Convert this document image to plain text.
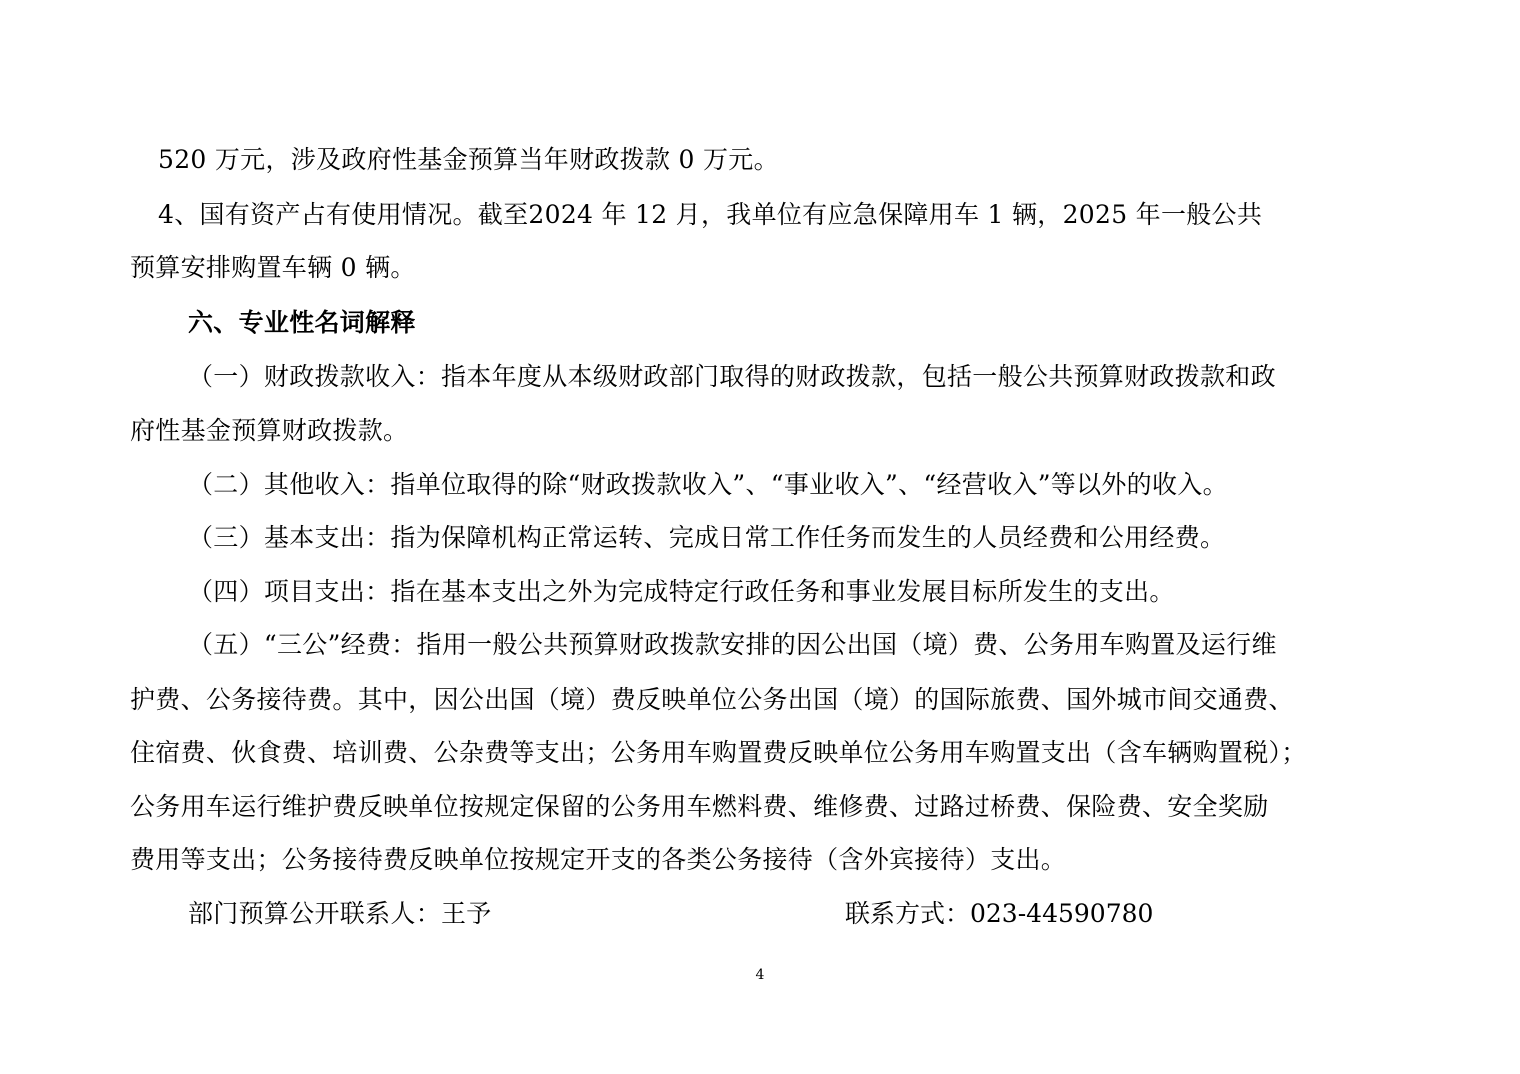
520 万元，涉及政府性基金预算当年财政拨款 0 万元。
4、国有资产占有使用情况。截至2024 年 12 月，我单位有应急保障用车 1 辆，2025 年一般公共
预算安排购置车辆 0 辆。
六、专业性名词解释
（一）财政拨款收入：指本年度从本级财政部门取得的财政拨款，包括一般公共预算财政拨款和政
府性基金预算财政拨款。
（二）其他收入：指单位取得的除“财政拨款收入”、“事业收入”、“经营收入”等以外的收入。
（三）基本支出：指为保障机构正常运转、完成日常工作任务而发生的人员经费和公用经费。
（四）项目支出：指在基本支出之外为完成特定行政任务和事业发展目标所发生的支出。
（五）“三公”经费：指用一般公共预算财政拨款安排的因公出国（境）费、公务用车购置及运行维
护费、公务接待费。其中，因公出国（境）费反映单位公务出国（境）的国际旅费、国外城市间交通费、
住宿费、伙食费、培训费、公杂费等支出；公务用车购置费反映单位公务用车购置支出（含车辆购置税）；
公务用车运行维护费反映单位按规定保留的公务用车燃料费、维修费、过路过桥费、保险费、安全奖励
费用等支出；公务接待费反映单位按规定开支的各类公务接待（含外宾接待）支出。
部门预算公开联系人：王予	联系方式：023-44590780
4
